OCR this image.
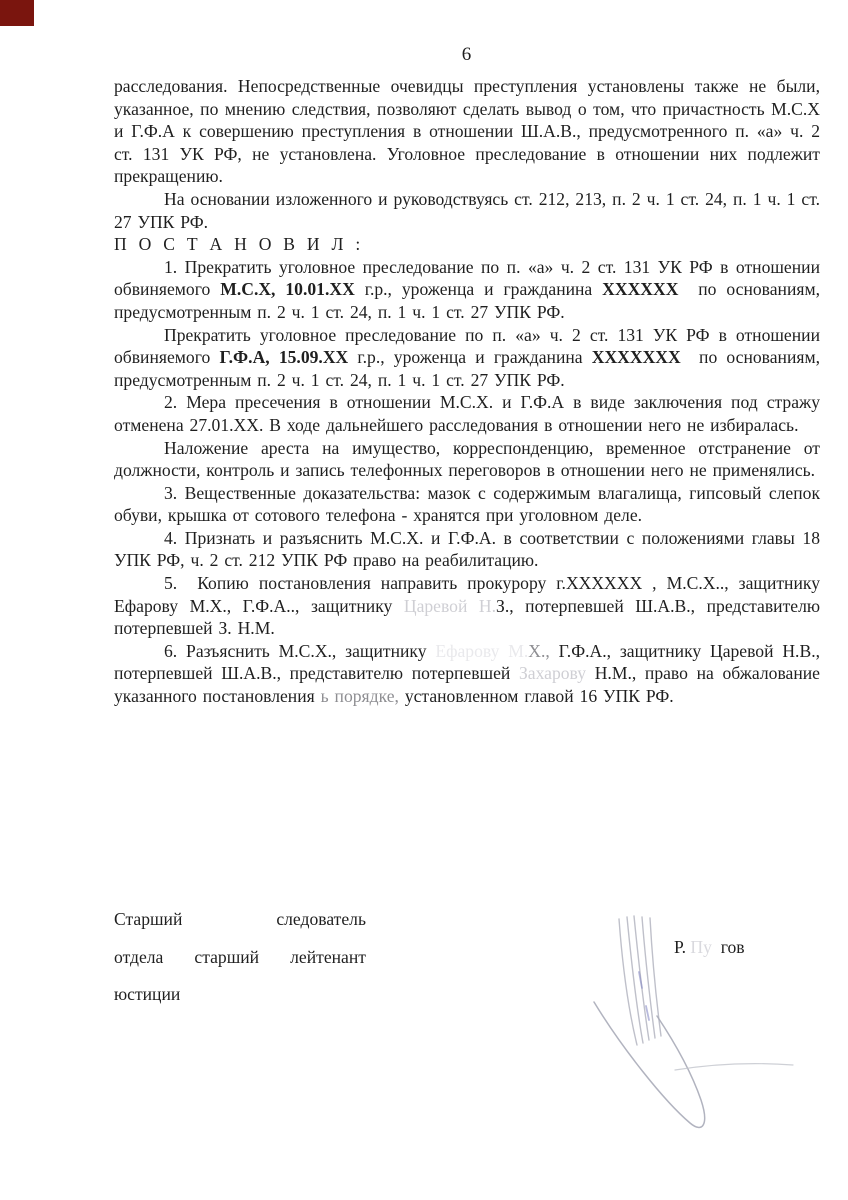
6

расследования. Непосредственные очевидцы преступления установлены также не были, указанное, по мнению следствия, позволяют сделать вывод о том, что причастность М.С.Х и Г.Ф.А к совершению преступления в отношении Ш.А.В., предусмотренного п. «а» ч. 2 ст. 131 УК РФ, не установлена. Уголовное преследование в отношении них подлежит прекращению.

На основании изложенного и руководствуясь ст. 212, 213, п. 2 ч. 1 ст. 24, п. 1 ч. 1 ст. 27 УПК РФ.

П О С Т А Н О В И Л :

1. Прекратить уголовное преследование по п. «а» ч. 2 ст. 131 УК РФ в отношении обвиняемого М.С.Х, 10.01.ХХ г.р., уроженца и гражданина ХХХХХХ  по основаниям, предусмотренным п. 2 ч. 1 ст. 24, п. 1 ч. 1 ст. 27 УПК РФ.

Прекратить уголовное преследование по п. «а» ч. 2 ст. 131 УК РФ в отношении обвиняемого Г.Ф.А, 15.09.ХХ г.р., уроженца и гражданина ХХХХХХХ  по основаниям, предусмотренным п. 2 ч. 1 ст. 24, п. 1 ч. 1 ст. 27 УПК РФ.

2. Мера пресечения в отношении М.С.Х. и Г.Ф.А в виде заключения под стражу отменена 27.01.ХХ. В ходе дальнейшего расследования в отношении него не избиралась.

Наложение ареста на имущество, корреспонденцию, временное отстранение от должности, контроль и запись телефонных переговоров в отношении него не применялись.

3. Вещественные доказательства: мазок с содержимым влагалища, гипсовый слепок обуви, крышка от сотового телефона - хранятся при уголовном деле.

4. Признать и разъяснить М.С.Х. и Г.Ф.А. в соответствии с положениями главы 18 УПК РФ, ч. 2 ст. 212 УПК РФ право на реабилитацию.

5.  Копию постановления направить прокурору г.ХХХХХХ , М.С.Х.., защитнику Ефарову М.Х., Г.Ф.А.., защитнику Царевой Н.З., потерпевшей Ш.А.В., представителю потерпевшей З. Н.М.

6. Разъяснить М.С.Х., защитнику Ефарову М.Х., Г.Ф.А., защитнику Царевой Н.В., потерпевшей Ш.А.В., представителю потерпевшей Захарову Н.М., право на обжалование указанного постановления ь порядке, установленном главой 16 УПК РФ.

Старший	следователь
отдела старший лейтенант
юстиции
Р. Пу гов
